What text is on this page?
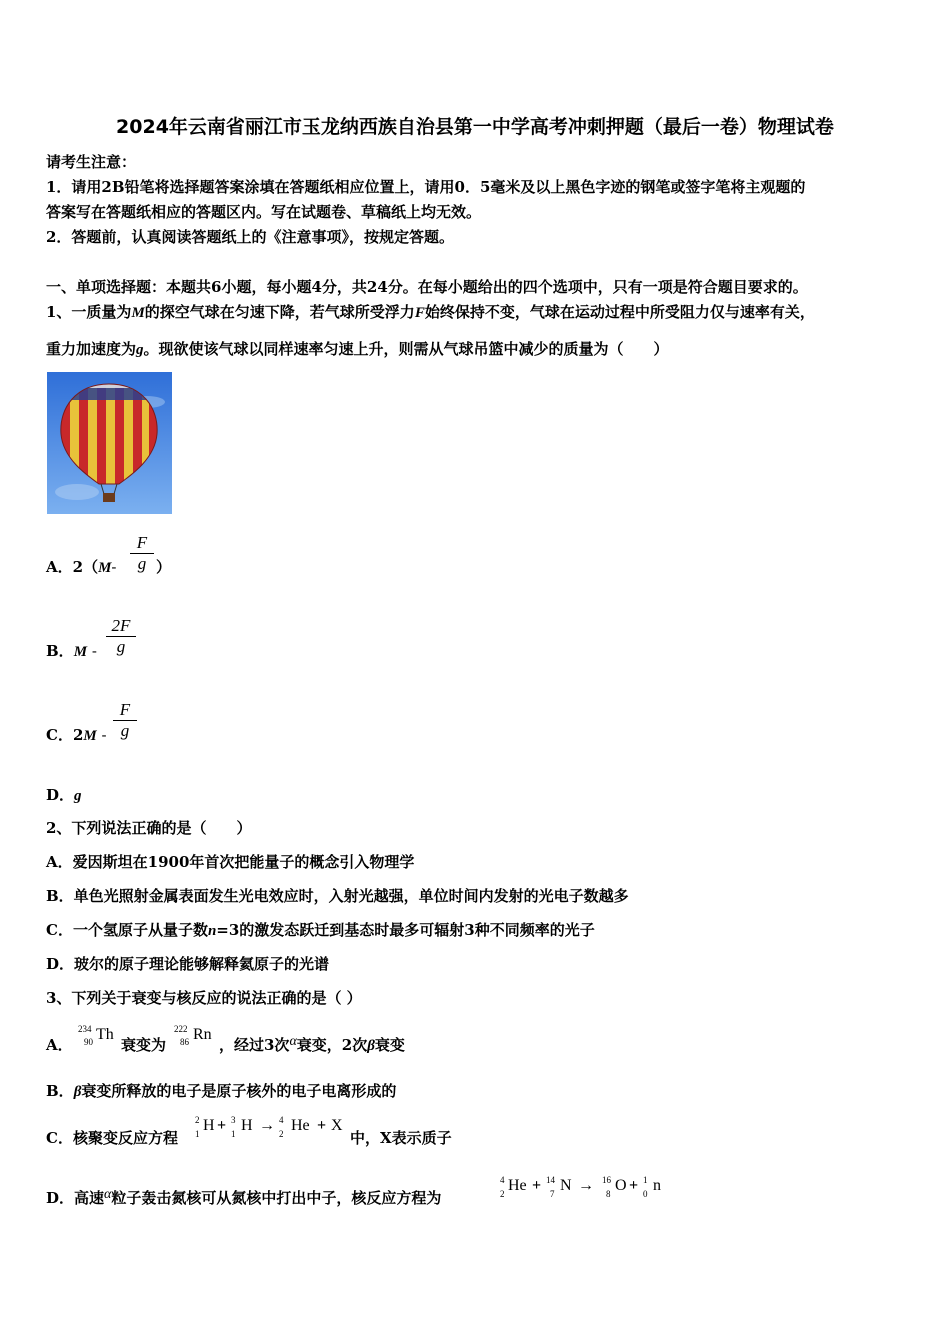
2024年云南省丽江市玉龙纳西族自治县第一中学高考冲刺押题（最后一卷）物理试卷
请考生注意：
1．请用2B铅笔将选择题答案涂填在答题纸相应位置上，请用0．5毫米及以上黑色字迹的钢笔或签字笔将主观题的
答案写在答题纸相应的答题区内。写在试题卷、草稿纸上均无效。
2．答题前，认真阅读答题纸上的《注意事项》，按规定答题。
一、单项选择题：本题共6小题，每小题4分，共24分。在每小题给出的四个选项中，只有一项是符合题目要求的。
1、一质量为M的探空气球在匀速下降，若气球所受浮力F始终保持不变，气球在运动过程中所受阻力仅与速率有关，
重力加速度为g。现欲使该气球以同样速率匀速上升，则需从气球吊篮中减少的质量为（　　）
A．2（M-
F
g ）
B．M -
2F
g
C．2M -
F
g
D．g
2、下列说法正确的是（　　）
A．爱因斯坦在1900年首次把能量子的概念引入物理学
B．单色光照射金属表面发生光电效应时，入射光越强，单位时间内发射的光电子数越多
C．一个氢原子从量子数n=3的激发态跃迁到基态时最多可辐射3种不同频率的光子
D．玻尔的原子理论能够解释氦原子的光谱
3、下列关于衰变与核反应的说法正确的是（ ）
A．
234
90 Th
衰变为
222
86 Rn
，经过3次α衰变，2次β衰变
B．β衰变所释放的电子是原子核外的电子电离形成的
C．核聚变反应方程
2
1 H + 3
1 H → 4
2 He + X
中，X表示质子
D．高速α粒子轰击氮核可从氮核中打出中子，核反应方程为
4
2 He + 14
7 N → 16
8 O + 1
0 n
